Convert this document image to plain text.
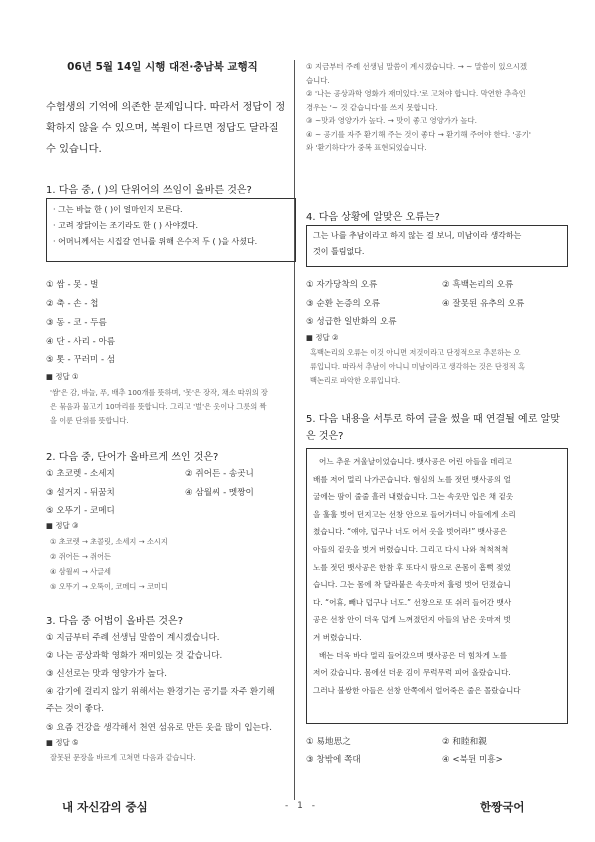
06년 5월 14일 시행 대전·충남북 교행직
수험생의 기억에 의존한 문제입니다. 따라서 정답이 정확하지 않을 수 있으며, 복원이 다르면 정답도 달라질 수 있습니다.
1. 다음 중, ( )의 단위어의 쓰임이 올바른 것은?
· 그는 바늘 한 ( )이 얼마인지 모른다.
· 고려 장닭이는 조기라도 한 ( ) 사야겠다.
· 어머니께서는 시집갈 언니를 위해 은수저 두 ( )을 사셨다.
① 쌈 - 못 - 벌
② 축 - 손 - 첩
③ 동 - 코 - 두름
④ 단 - 사리 - 아름
⑤ 톳 - 꾸러미 - 섬
■ 정답 ①
'쌈'은 감, 바늘, 푸, 배추 100개를 뜻하며, '못'은 장작, 채소 따위의 장
은 묶음과 물고기 10마리를 뜻합니다. 그리고 '벌'은 옷이나 그릇의 짝
을 이룬 단위를 뜻합니다.
2. 다음 중, 단어가 올바르게 쓰인 것은?
① 초코렛 - 소세지	② 쥐어든 - 송곳니
③ 설거지 - 뒤꿈치	④ 삼월씨 - 멧짱이
⑤ 오뚜기 - 코메디
■ 정답 ③
① 초코렛 → 초콜릿, 소세지 → 소시지
② 쥐어든 → 쥐어든
④ 삼월씨 → 사글세
⑤ 오뚜기 → 오뚝이, 코메디 → 코미디
3. 다음 중 어법이 올바른 것은?
① 지금부터 주례 선생님 말씀이 계시겠습니다.
② 나는 공상과학 영화가 재미있는 것 같습니다.
③ 신선로는 맛과 영양가가 높다.
④ 감기에 걸리지 않기 위해서는 환경기는 공기를 자주 환기해
주는 것이 좋다.
⑤ 요즘 건강을 생각해서 천연 섬유로 만든 옷을 많이 입는다.
■ 정답 ⑤
잘못된 문장을 바르게 고쳐면 다음과 같습니다.
① 지금부터 주례 선생님 말씀이 계시겠습니다. → ~ 말씀이 있으시겠
습니다.
② '나는 공상과학 영화가 재미있다.'로 고쳐야 합니다. 막연한 추측인
경우는 '~ 것 같습니다'를 쓰지 못합니다.
③ ~맛과 영양가가 높다. → 맛이 좋고 영양가가 높다.
④ ~ 공기를 자주 환기해 주는 것이 좋다 → 환기해 주어야 한다. '공기'
와 '환기하다'가 중복 표현되었습니다.
4. 다음 상황에 알맞은 오류는?
그는 나를 추남이라고 하지 않는 걸 보니, 미남이라 생각하는
것이 틀림없다.
① 자가당착의 오류	② 흑백논리의 오류
③ 순환 논증의 오류	④ 잘못된 유추의 오류
⑤ 성급한 일반화의 오류
■ 정답 ②
흑백논리의 오류는 이것 아니면 저것이라고 단정적으로 추론하는 오
류입니다. 따라서 추남이 아니니 미남이라고 생각하는 것은 단정적 흑
백논리로 파악한 오류입니다.
5. 다음 내용을 서투로 하여 글을 썼을 때 연결될 예로 알맞
은 것은?
어느 추운 겨울날이었습니다. 뱃사공은 어린 아들을 데리고
배를 저어 멀리 나가곤습니다. 혐심의 노를 젓던 뱃사공의 얼
굴에는 땀이 줄줄 흘러 내렸습니다. 그는 속옷만 입은 채 겉옷
을 훌훌 벗어 던지고는 선창 안으로 들어가더니 아들에게 소리
쳤습니다. “얘야, 덥구나 너도 어서 옷을 벗어라!” 뱃사공은
아들의 겉옷을 벗겨 버렸습니다. 그리고 다시 나와 척척척척
노를 젓던 뱃사공은 한참 후 또다시 땀으로 온몸이 흠뻑 젖었
습니다. 그는 몸에 착 달라붙은 속옷마저 훌렁 벗어 던졌습니
다. “어휴, 빼나 덥구나 너도.” 선창으로 또 쉬러 들어간 뱃사
공은 선창 안이 더욱 덥게 느껴졌던지 아들의 남은 옷마저 벗
겨 버렸습니다.
배는 더욱 바다 멀리 들어갔으며 뱃사공은 더 힘차게 노를
저어 갔습니다. 몸에선 더운 김이 무럭무럭 피어 올랐습니다.
그러나 불쌍한 아들은 선창 안쪽에서 얼어죽은 줄은 몰랐습니다
① 易地思之	② 和睦和親
③ 창밖에 쪽대	④ <북뒨 미흥>
내 자신감의 중심	- 1 -	한짱국어
